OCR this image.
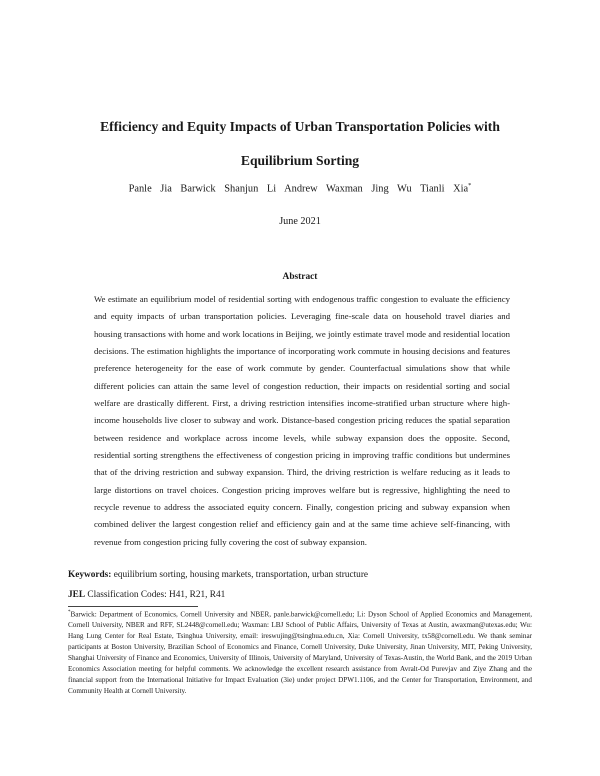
Efficiency and Equity Impacts of Urban Transportation Policies with
Equilibrium Sorting
Panle Jia Barwick Shanjun Li Andrew Waxman Jing Wu Tianli Xia*
June 2021
Abstract

We estimate an equilibrium model of residential sorting with endogenous traffic congestion to evaluate the efficiency and equity impacts of urban transportation policies. Leveraging fine-scale data on household travel diaries and housing transactions with home and work locations in Beijing, we jointly estimate travel mode and residential location decisions. The estimation highlights the importance of incorporating work commute in housing decisions and features preference heterogeneity for the ease of work commute by gender. Counterfactual simulations show that while different policies can attain the same level of congestion reduction, their impacts on residential sorting and social welfare are drastically different. First, a driving restriction intensifies income-stratified urban structure where high-income households live closer to subway and work. Distance-based congestion pricing reduces the spatial separation between residence and workplace across income levels, while subway expansion does the opposite. Second, residential sorting strengthens the effectiveness of congestion pricing in improving traffic conditions but undermines that of the driving restriction and subway expansion. Third, the driving restriction is welfare reducing as it leads to large distortions on travel choices. Congestion pricing improves welfare but is regressive, highlighting the need to recycle revenue to address the associated equity concern. Finally, congestion pricing and subway expansion when combined deliver the largest congestion relief and efficiency gain and at the same time achieve self-financing, with revenue from congestion pricing fully covering the cost of subway expansion.

Keywords: equilibrium sorting, housing markets, transportation, urban structure
JEL Classification Codes: H41, R21, R41

*Barwick: Department of Economics, Cornell University and NBER, panle.barwick@cornell.edu; Li: Dyson School of Applied Economics and Management, Cornell University, NBER and RFF, SL2448@cornell.edu; Waxman: LBJ School of Public Affairs, University of Texas at Austin, awaxman@utexas.edu; Wu: Hang Lung Center for Real Estate, Tsinghua University, email: ireswujing@tsinghua.edu.cn, Xia: Cornell University, tx58@cornell.edu. We thank seminar participants at Boston University, Brazilian School of Economics and Finance, Cornell University, Duke University, Jinan University, MIT, Peking University, Shanghai University of Finance and Economics, University of Illinois, University of Maryland, University of Texas-Austin, the World Bank, and the 2019 Urban Economics Association meeting for helpful comments. We acknowledge the excellent research assistance from Avralt-Od Purevjav and Ziye Zhang and the financial support from the International Initiative for Impact Evaluation (3ie) under project DPW1.1106, and the Center for Transportation, Environment, and Community Health at Cornell University.
